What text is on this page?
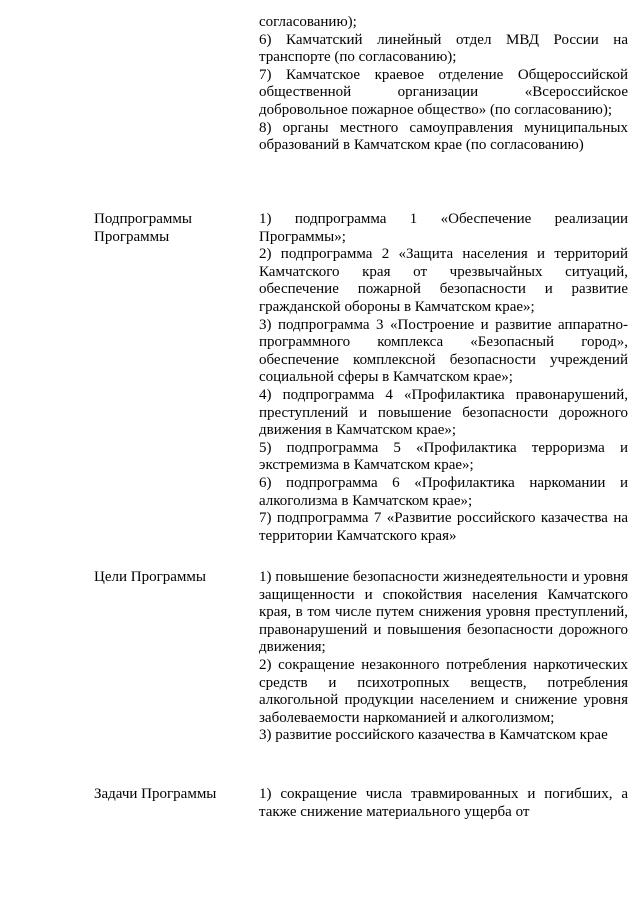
согласованию);

6) Камчатский линейный отдел МВД России на транспорте (по согласованию);

7) Камчатское краевое отделение Общероссийской общественной организации «Всероссийское добровольное пожарное общество» (по согласованию);

8) органы местного самоуправления муниципальных образований в Камчатском крае (по согласованию)

Подпрограммы Программы

1) подпрограмма 1 «Обеспечение реализации Программы»;

2) подпрограмма 2 «Защита населения и территорий Камчатского края от чрезвычайных ситуаций, обеспечение пожарной безопасности и развитие гражданской обороны в Камчатском крае»;

3) подпрограмма 3 «Построение и развитие аппаратно-программного комплекса «Безопасный город», обеспечение комплексной безопасности учреждений социальной сферы в Камчатском крае»;

4) подпрограмма 4 «Профилактика правонарушений, преступлений и повышение безопасности дорожного движения в Камчатском крае»;

5) подпрограмма 5 «Профилактика терроризма и экстремизма в Камчатском крае»;

6) подпрограмма 6 «Профилактика наркомании и алкоголизма в Камчатском крае»;

7) подпрограмма 7 «Развитие российского казачества на территории Камчатского края»

Цели Программы	1) повышение безопасности жизнедеятельности и уровня защищенности и спокойствия населения Камчатского края, в том числе путем снижения уровня преступлений, правонарушений и повышения безопасности дорожного движения;

2) сокращение незаконного потребления наркотических средств и психотропных веществ, потребления алкогольной продукции населением и снижение уровня заболеваемости наркоманией и алкоголизмом;

3) развитие российского казачества в Камчатском крае

Задачи Программы	1) сокращение числа травмированных и погибших, а также снижение материального ущерба от
